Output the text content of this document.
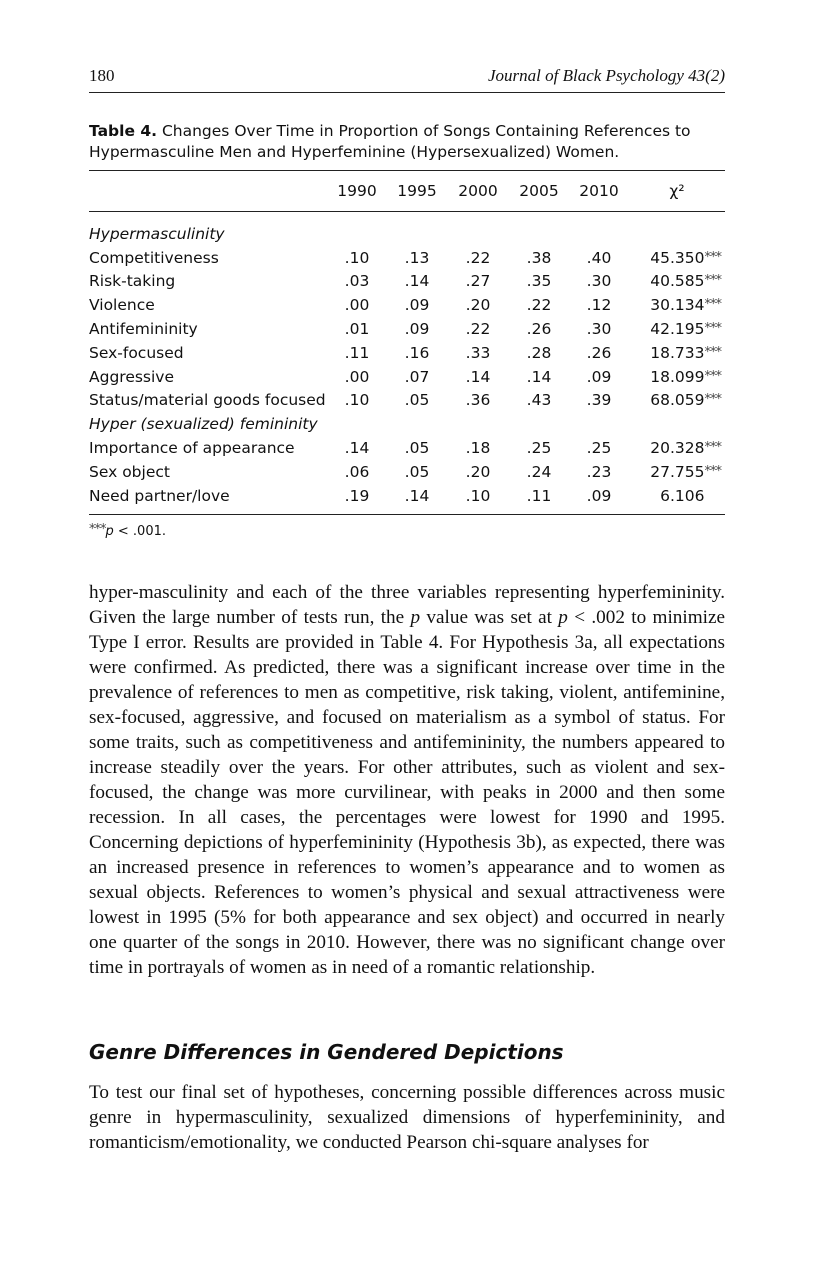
180	Journal of Black Psychology 43(2)
Table 4. Changes Over Time in Proportion of Songs Containing References to Hypermasculine Men and Hyperfeminine (Hypersexualized) Women.
	1990	1995	2000	2005	2010	χ²

Hypermasculinity						
Competitiveness	.10	.13	.22	.38	.40	45.350***
Risk-taking	.03	.14	.27	.35	.30	40.585***
Violence	.00	.09	.20	.22	.12	30.134***
Antifemininity	.01	.09	.22	.26	.30	42.195***
Sex-focused	.11	.16	.33	.28	.26	18.733***
Aggressive	.00	.07	.14	.14	.09	18.099***
Status/material goods focused	.10	.05	.36	.43	.39	68.059***
Hyper (sexualized) femininity						
Importance of appearance	.14	.05	.18	.25	.25	20.328***
Sex object	.06	.05	.20	.24	.23	27.755***
Need partner/love	.19	.14	.10	.11	.09	6.106
***p < .001.

hyper-masculinity and each of the three variables representing hyperfemininity. Given the large number of tests run, the p value was set at p < .002 to minimize Type I error. Results are provided in Table 4. For Hypothesis 3a, all expectations were confirmed. As predicted, there was a significant increase over time in the prevalence of references to men as competitive, risk taking, violent, antifeminine, sex-focused, aggressive, and focused on materialism as a symbol of status. For some traits, such as competitiveness and antifemininity, the numbers appeared to increase steadily over the years. For other attributes, such as violent and sex-focused, the change was more curvilinear, with peaks in 2000 and then some recession. In all cases, the percentages were lowest for 1990 and 1995. Concerning depictions of hyperfemininity (Hypothesis 3b), as expected, there was an increased presence in references to women’s appearance and to women as sexual objects. References to women’s physical and sexual attractiveness were lowest in 1995 (5% for both appearance and sex object) and occurred in nearly one quarter of the songs in 2010. However, there was no significant change over time in portrayals of women as in need of a romantic relationship.

Genre Differences in Gendered Depictions

To test our final set of hypotheses, concerning possible differences across music genre in hypermasculinity, sexualized dimensions of hyperfemininity, and romanticism/emotionality, we conducted Pearson chi-square analyses for
